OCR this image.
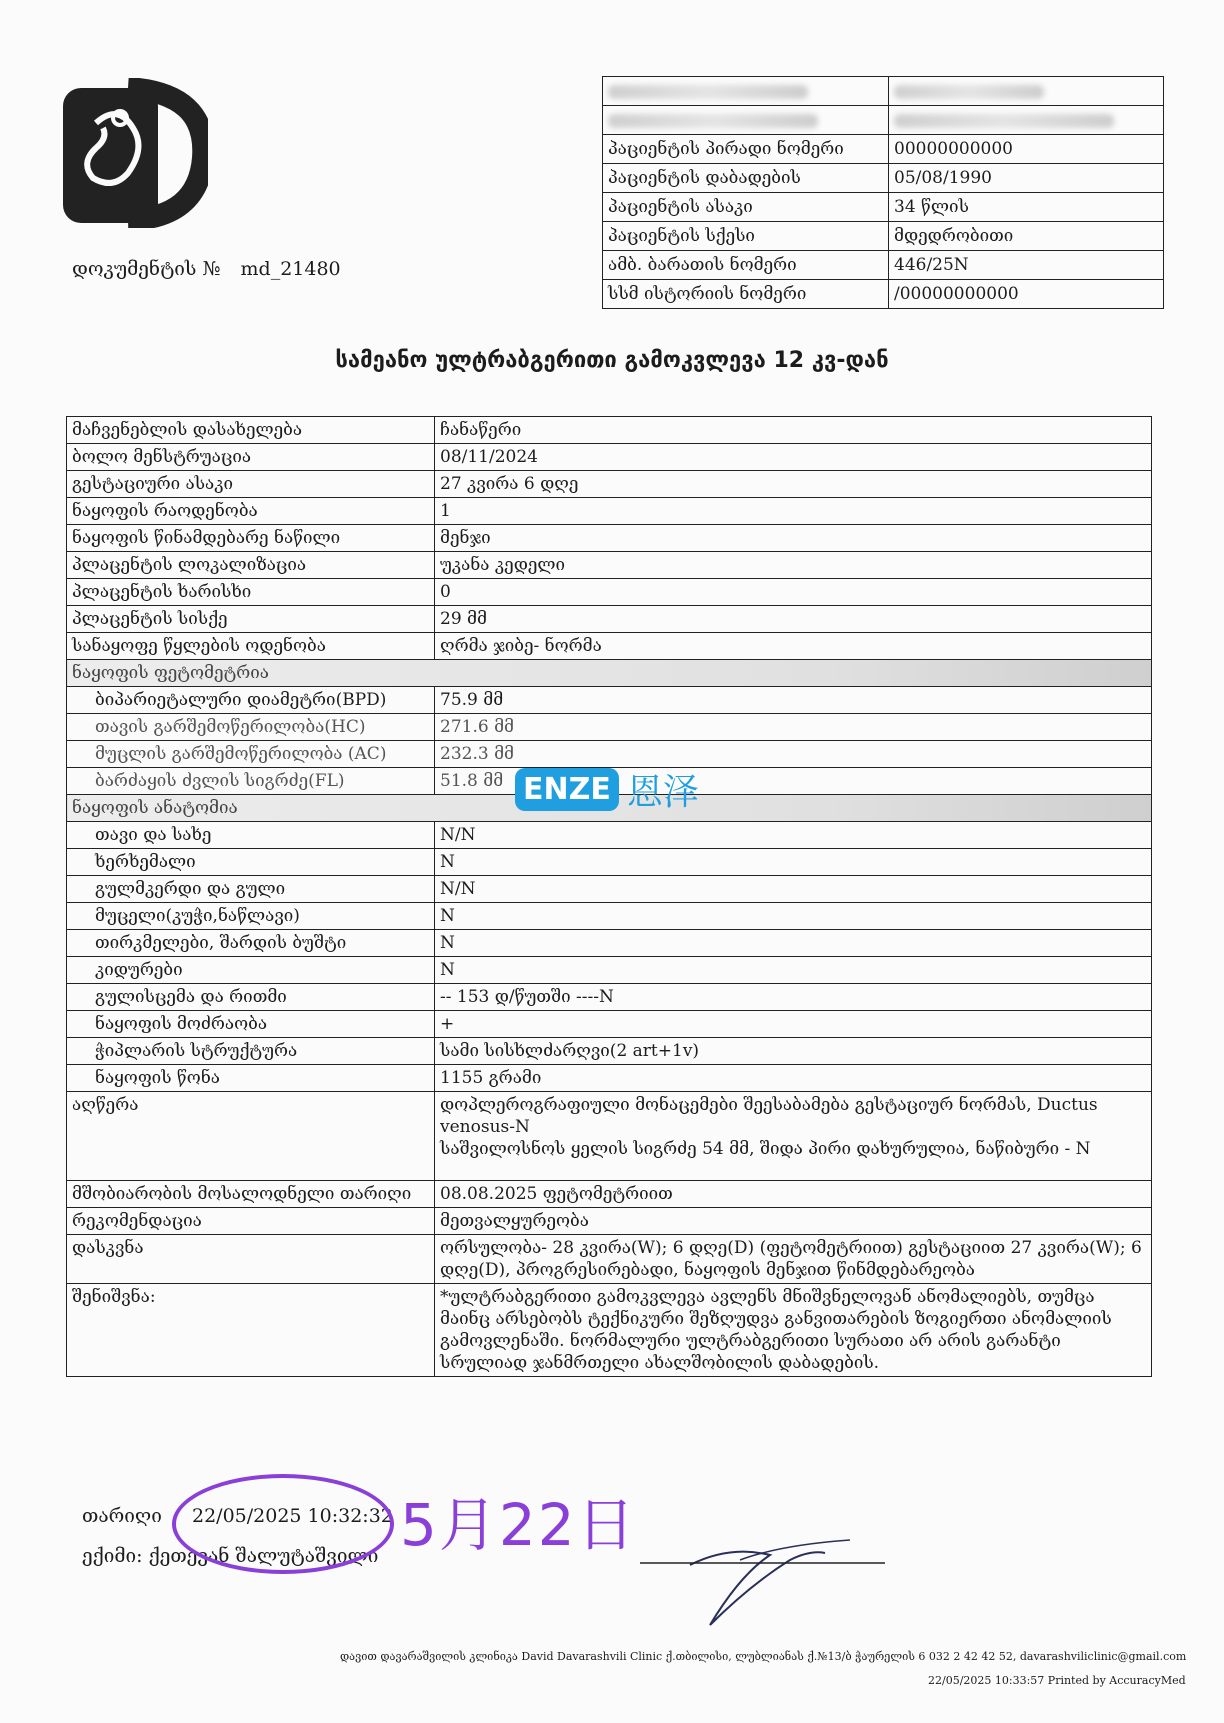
დოკუმენტის № md_21480

პაციენტის პირადი ნომერი	00000000000
პაციენტის დაბადების	05/08/1990
პაციენტის ასაკი	34 წლის
პაციენტის სქესი	მდედრობითი
ამბ. ბარათის ნომერი	446/25N
სსმ ისტორიის ნომერი	/00000000000
სამეანო ულტრაბგერითი გამოკვლევა 12 კვ-დან
მაჩვენებლის დასახელება	ჩანაწერი
ბოლო მენსტრუაცია	08/11/2024
გესტაციური ასაკი	27 კვირა 6 დღე
ნაყოფის რაოდენობა	1
ნაყოფის წინამდებარე ნაწილი	მენჯი
პლაცენტის ლოკალიზაცია	უკანა კედელი
პლაცენტის ხარისხი	0
პლაცენტის სისქე	29 მმ
სანაყოფე წყლების ოდენობა	ღრმა ჯიბე- ნორმა
ნაყოფის ფეტომეტრია	
ბიპარიეტალური დიამეტრი(BPD)	75.9 მმ
თავის გარშემოწერილობა(HC)	271.6 მმ
მუცლის გარშემოწერილობა (AC)	232.3 მმ
ბარძაყის ძვლის სიგრძე(FL)	51.8 მმ
ნაყოფის ანატომია	
თავი და სახე	N/N
ხერხემალი	N
გულმკერდი და გული	N/N
მუცელი(კუჭი,ნაწლავი)	N
თირკმელები, შარდის ბუშტი	N
კიდურები	N
გულისცემა და რითმი	-- 153 დ/წუთში ----N
ნაყოფის მოძრაობა	+
ჭიპლარის სტრუქტურა	სამი სისხლძარღვი(2 art+1v)
ნაყოფის წონა	1155 გრამი
აღწერა	დოპლეროგრაფიული მონაცემები შეესაბამება გესტაციურ ნორმას, Ductus venosus-N
საშვილოსნოს ყელის სიგრძე 54 მმ, შიდა პირი დახურულია, ნაწიბური - N

მშობიარობის მოსალოდნელი თარიღი	08.08.2025 ფეტომეტრიით
რეკომენდაცია	მეთვალყურეობა
დასკვნა	ორსულობა- 28 კვირა(W); 6 დღე(D) (ფეტომეტრიით) გესტაციით 27 კვირა(W); 6 დღე(D), პროგრესირებადი, ნაყოფის მენჯით წინმდებარეობა
შენიშვნა:	*ულტრაბგერითი გამოკვლევა ავლენს მნიშვნელოვან ანომალიებს, თუმცა მაინც არსებობს ტექნიკური შეზღუდვა განვითარების ზოგიერთი ანომალიის გამოვლენაში. ნორმალური ულტრაბგერითი სურათი არ არის გარანტი სრულიად ჯანმრთელი ახალშობილის დაბადების.
ENZE 恩泽
თარიღი 22/05/2025 10:32:32
ექიმი: ქეთევან შალუტაშვილი 5月22日
დავით დავარაშვილის კლინიკა David Davarashvili Clinic ქ.თბილისი, ლუბლიანას ქ.№13/ბ ჭაურელის 6 032 2 42 42 52, davarashviliclinic@gmail.com
22/05/2025 10:33:57 Printed by AccuracyMed
